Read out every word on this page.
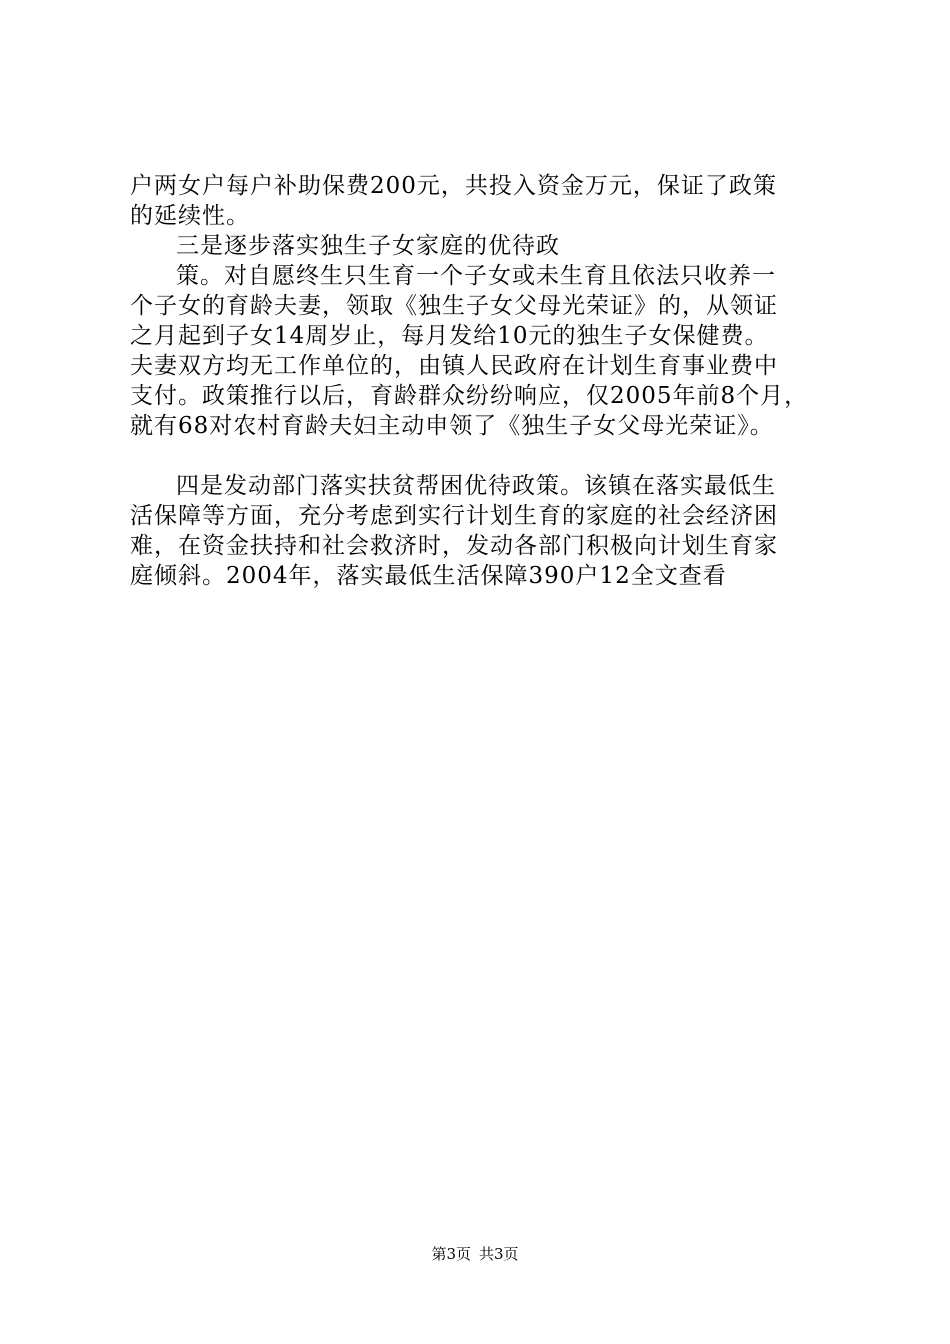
户两女户每户补助保费200元，共投入资金万元，保证了政策
的延续性。
三是逐步落实独生子女家庭的优待政
策。对自愿终生只生育一个子女或未生育且依法只收养一
个子女的育龄夫妻，领取《独生子女父母光荣证》的，从领证
之月起到子女14周岁止，每月发给10元的独生子女保健费。
夫妻双方均无工作单位的，由镇人民政府在计划生育事业费中
支付。政策推行以后，育龄群众纷纷响应，仅2005年前8个月，
就有68对农村育龄夫妇主动申领了《独生子女父母光荣证》。
四是发动部门落实扶贫帮困优待政策。该镇在落实最低生
活保障等方面，充分考虑到实行计划生育的家庭的社会经济困
难，在资金扶持和社会救济时，发动各部门积极向计划生育家
庭倾斜。2004年，落实最低生活保障390户12全文查看
第3页 共3页
